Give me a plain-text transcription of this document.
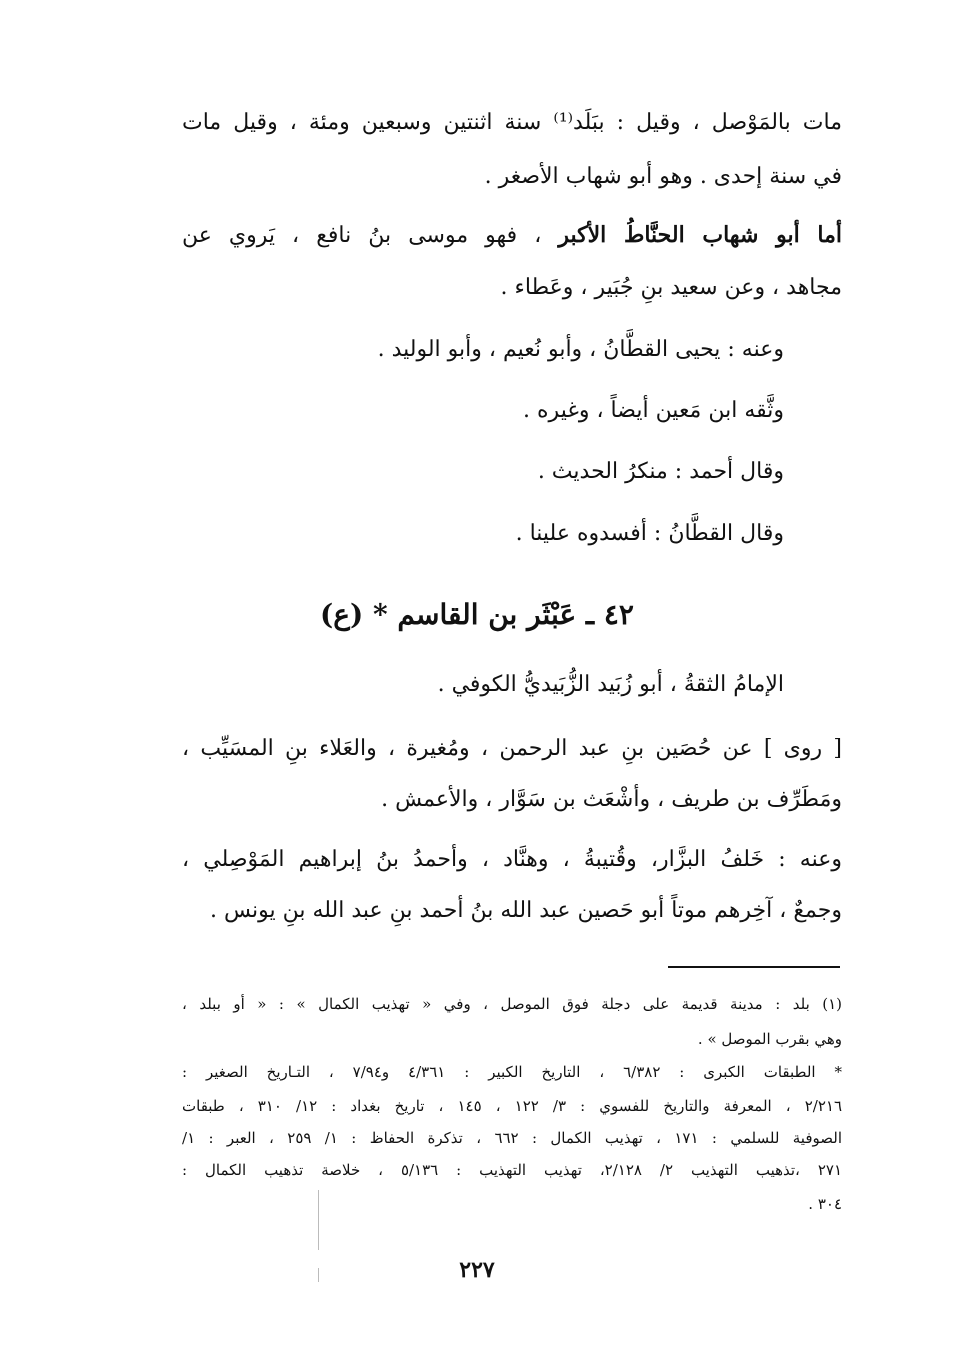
مات بالمَوْصل ، وقيل : ببَلَد⁽¹⁾ سنة اثنتين وسبعين ومئة ، وقيل مات
في سنة إحدى . وهو أبو شهاب الأصغر .
أما أبو شهاب الحنَّاطُ الأكبر ، فهو موسى بنُ نافع ، يَروي عن
مجاهد ، وعن سعيد بنِ جُبَير ، وعَطاء .
وعنه : يحيى القطَّانُ ، وأبو نُعيم ، وأبو الوليد .
وثَّقه ابن مَعين أيضاً ، وغيره .
وقال أحمد : منكرُ الحديث .
وقال القطَّانُ : أفسدوه علينا .
٤٢ ـ عَبْثَر بن القاسم * (ع)
الإمامُ الثقةُ ، أبو زُبَيد الزُّبَيديُّ الكوفي .
[ روى ] عن حُصَين بنِ عبد الرحمن ، ومُغيرة ، والعَلاء بنِ المسَيِّب ،
ومَطَرِّف بن طريف ، وأشْعَث بن سَوَّار ، والأعمش .
وعنه : خَلفُ البزَّار، وقُتيبةُ ، وهنَّاد ، وأحمدُ بنُ إبراهيم المَوْصِلي ،
وجمعٌ ، آخِرهم موتاً أبو حَصين عبد الله بنُ أحمد بنِ عبد الله بنِ يونس .
(١) بلد : مدينة قديمة على دجلة فوق الموصل ، وفي « تهذيب الكمال » : « أو ببلد ،
وهي بقرب الموصل » .
* الطبقات الكبرى : ٦/٣٨٢ ، التاريخ الكبير : ٤/٣٦١ و٧/٩٤ ، التـاريخ الصغير :
٢/٢١٦ ، المعرفة والتاريخ للفسوي : ٣/ ١٢٢ ، ١٤٥ ، تاريخ بغداد : ١٢/ ٣١٠ ، طبقات
الصوفية للسلمي : ١٧١ ، تهذيب الكمال : ٦٦٢ ، تذكرة الحفاظ : ١/ ٢٥٩ ، العبر : ١/
٢٧١ ،تذهيب التهذيب ٢/ ٢/١٢٨، تهذيب التهذيب : ٥/١٣٦ ، خلاصة تذهيب الكمال :
٣٠٤ .
٢٢٧
